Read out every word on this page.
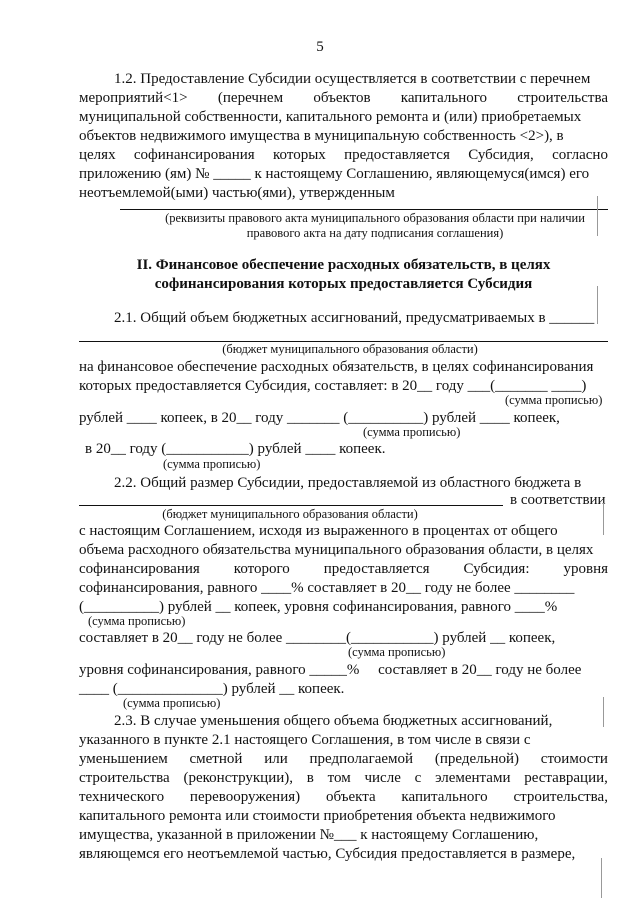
5
1.2. Предоставление Субсидии осуществляется в соответствии с перечнем
мероприятий<1> (перечнем объектов капитального строительства
муниципальной собственности, капитального ремонта и (или) приобретаемых
объектов недвижимого имущества в муниципальную собственность <2>), в
целях софинансирования которых предоставляется Субсидия, согласно
приложению (ям) № _____ к настоящему Соглашению, являющемуся(имся) его
неотъемлемой(ыми) частью(ями), утвержденным
(реквизиты правового акта муниципального образования области при наличии
правового акта на дату подписания соглашения)
II. Финансовое обеспечение расходных обязательств, в целях
софинансирования которых предоставляется Субсидия
2.1. Общий объем бюджетных ассигнований, предусматриваемых в ______
(бюджет муниципального образования области)
на финансовое обеспечение расходных обязательств, в целях софинансирования
которых предоставляется Субсидия, составляет: в 20__ году ___(_______ ____)
(сумма прописью)
рублей ____ копеек, в 20__ году _______ (__________) рублей ____ копеек,
(сумма прописью)
в 20__ году (___________) рублей ____ копеек.
(сумма прописью)
2.2. Общий размер Субсидии, предоставляемой из областного бюджета в
в соответствии
(бюджет муниципального образования области)
с настоящим Соглашением, исходя из выраженного в процентах от общего
объема расходного обязательства муниципального образования области, в целях
софинансирования которого предоставляется Субсидия: уровня
софинансирования, равного ____% составляет в 20__ году не более ________
(__________) рублей __ копеек, уровня софинансирования, равного ____%
(сумма прописью)
составляет в 20__ году не более ________(___________) рублей __ копеек,
(сумма прописью)
уровня софинансирования, равного _____%     составляет в 20__ году не более
____ (______________) рублей __ копеек.
(сумма прописью)
2.3. В случае уменьшения общего объема бюджетных ассигнований,
указанного в пункте 2.1 настоящего Соглашения, в том числе в связи с
уменьшением сметной или предполагаемой (предельной) стоимости
строительства (реконструкции), в том числе с элементами реставрации,
технического перевооружения) объекта капитального строительства,
капитального ремонта или стоимости приобретения объекта недвижимого
имущества, указанной в приложении №___ к настоящему Соглашению,
являющемся его неотъемлемой частью, Субсидия предоставляется в размере,
